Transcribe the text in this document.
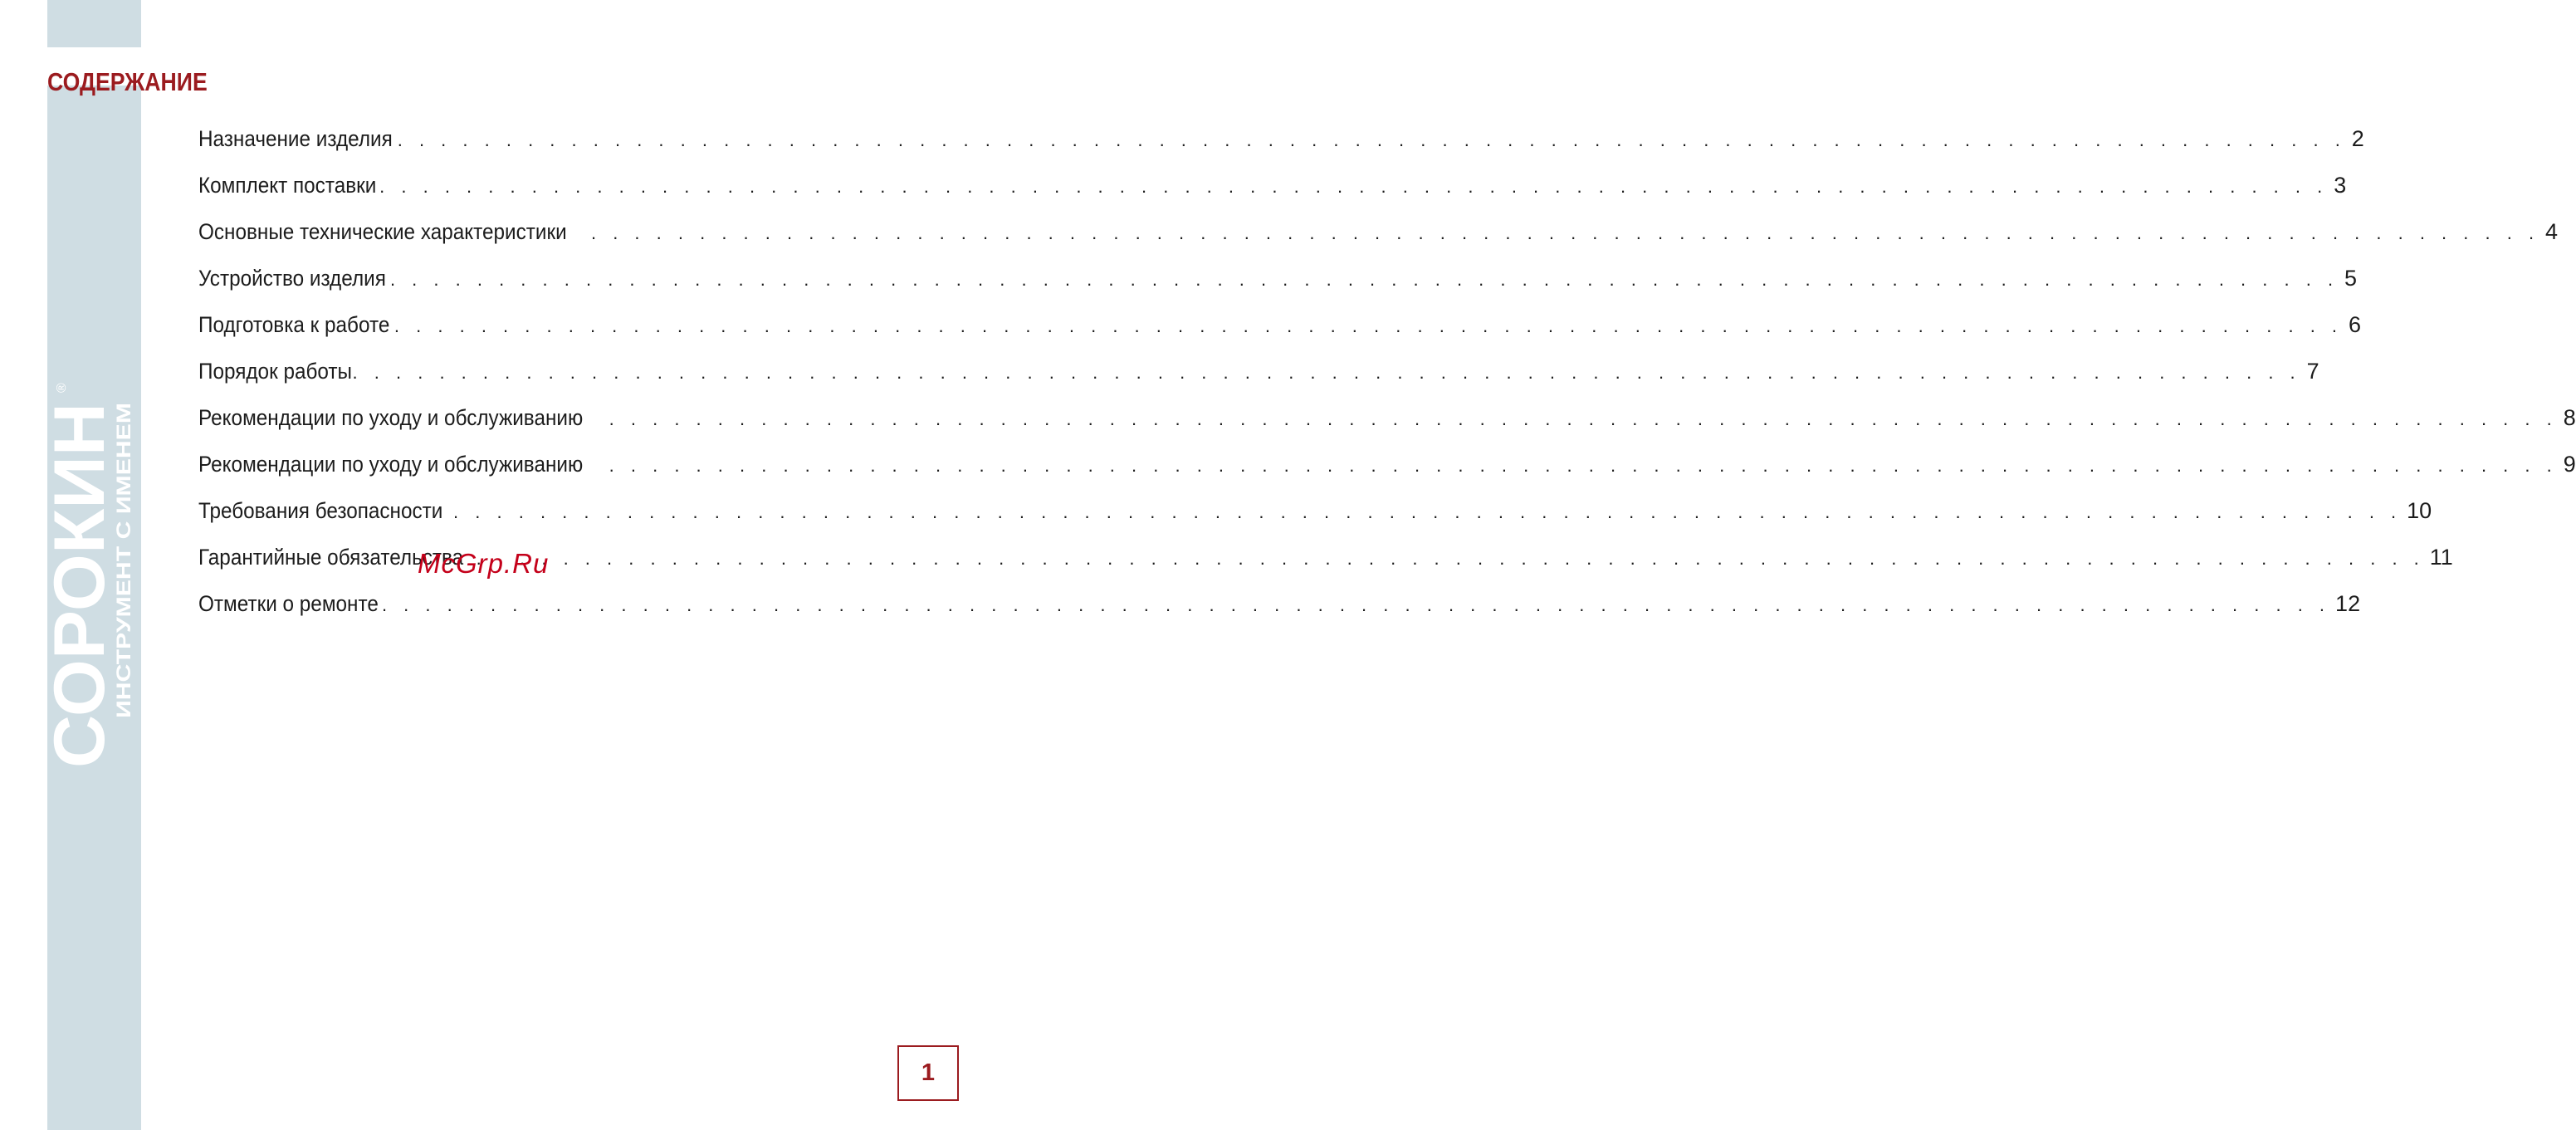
СОДЕРЖАНИЕ
СОРОКИН
ИНСТРУМЕНТ С ИМЕНЕМ
®
Назначение изделия . . .	2
Комплект поставки . . .	3
Основные технические характеристики . . .	4
Устройство изделия . . .	5
Подготовка к работе . . .	6
Порядок работы . . .	7
Рекомендации по уходу и обслуживанию . . .	8
Рекомендации по уходу и обслуживанию . . .	9
Требования безопасности . . .	10
Гарантийные обязательства . . .	11
Отметки о ремонте . . .	12
McGrp.Ru
1
